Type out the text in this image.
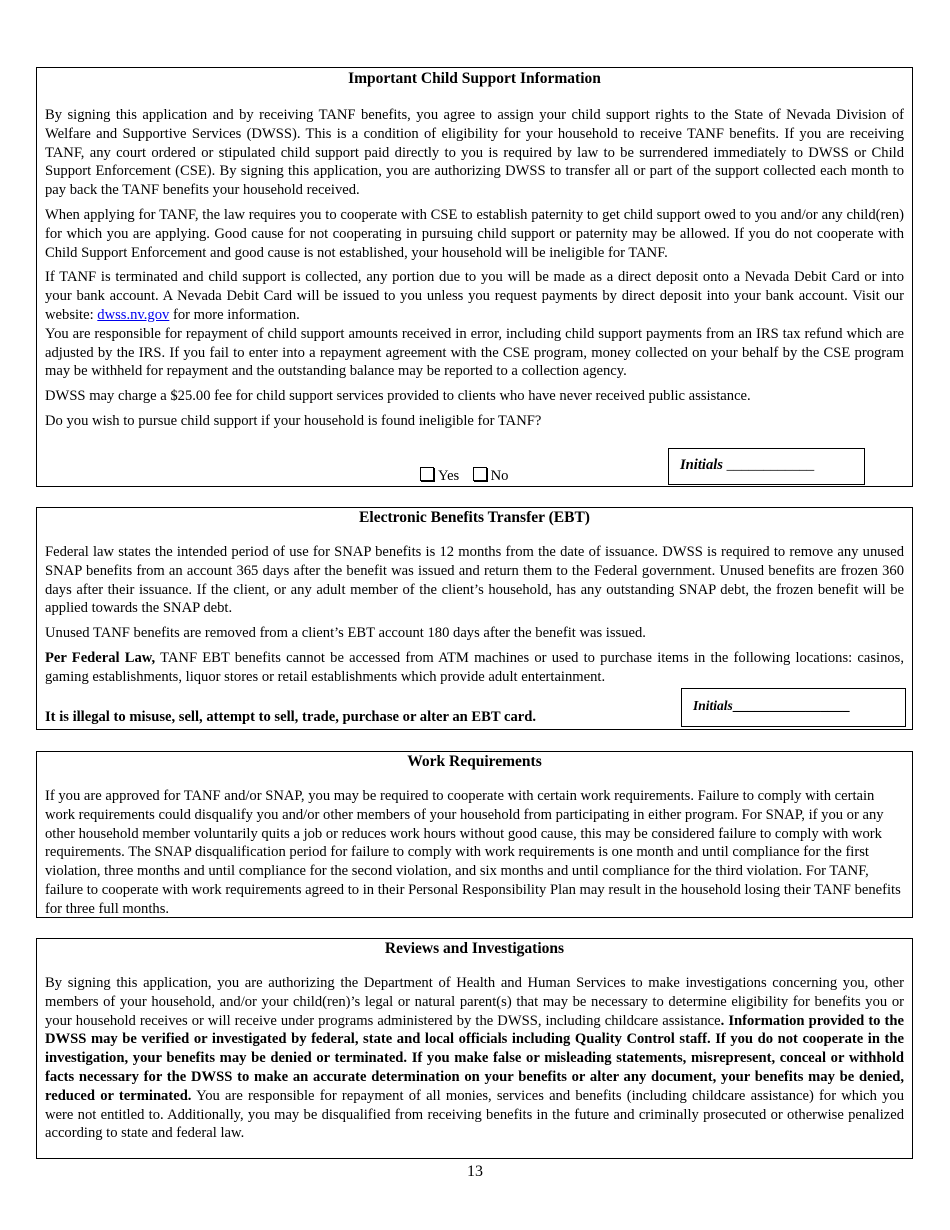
Important Child Support Information

By signing this application and by receiving TANF benefits, you agree to assign your child support rights to the State of Nevada Division of Welfare and Supportive Services (DWSS). This is a condition of eligibility for your household to receive TANF benefits. If you are receiving TANF, any court ordered or stipulated child support paid directly to you is required by law to be surrendered immediately to DWSS or Child Support Enforcement (CSE). By signing this application, you are authorizing DWSS to transfer all or part of the support collected each month to pay back the TANF benefits your household received.

When applying for TANF, the law requires you to cooperate with CSE to establish paternity to get child support owed to you and/or any child(ren) for which you are applying. Good cause for not cooperating in pursuing child support or paternity may be allowed. If you do not cooperate with Child Support Enforcement and good cause is not established, your household will be ineligible for TANF.

If TANF is terminated and child support is collected, any portion due to you will be made as a direct deposit onto a Nevada Debit Card or into your bank account. A Nevada Debit Card will be issued to you unless you request payments by direct deposit into your bank account. Visit our website: dwss.nv.gov for more information.

You are responsible for repayment of child support amounts received in error, including child support payments from an IRS tax refund which are adjusted by the IRS. If you fail to enter into a repayment agreement with the CSE program, money collected on your behalf by the CSE program may be withheld for repayment and the outstanding balance may be reported to a collection agency.

DWSS may charge a $25.00 fee for child support services provided to clients who have never received public assistance.

Do you wish to pursue child support if your household is found ineligible for TANF?

Yes No
Initials ____________
Electronic Benefits Transfer (EBT)

Federal law states the intended period of use for SNAP benefits is 12 months from the date of issuance. DWSS is required to remove any unused SNAP benefits from an account 365 days after the benefit was issued and return them to the Federal government. Unused benefits are frozen 360 days after their issuance. If the client, or any adult member of the client’s household, has any outstanding SNAP debt, the frozen benefit will be applied towards the SNAP debt.

Unused TANF benefits are removed from a client’s EBT account 180 days after the benefit was issued.

Per Federal Law, TANF EBT benefits cannot be accessed from ATM machines or used to purchase items in the following locations: casinos, gaming establishments, liquor stores or retail establishments which provide adult entertainment.

It is illegal to misuse, sell, attempt to sell, trade, purchase or alter an EBT card.

Initials________________
Work Requirements

If you are approved for TANF and/or SNAP, you may be required to cooperate with certain work requirements. Failure to comply with certain work requirements could disqualify you and/or other members of your household from participating in either program. For SNAP, if you or any other household member voluntarily quits a job or reduces work hours without good cause, this may be considered failure to comply with work requirements. The SNAP disqualification period for failure to comply with work requirements is one month and until compliance for the first violation, three months and until compliance for the second violation, and six months and until compliance for the third violation. For TANF, failure to cooperate with work requirements agreed to in their Personal Responsibility Plan may result in the household losing their TANF benefits for three full months.

Reviews and Investigations

By signing this application, you are authorizing the Department of Health and Human Services to make investigations concerning you, other members of your household, and/or your child(ren)’s legal or natural parent(s) that may be necessary to determine eligibility for benefits you or your household receives or will receive under programs administered by the DWSS, including childcare assistance. Information provided to the DWSS may be verified or investigated by federal, state and local officials including Quality Control staff. If you do not cooperate in the investigation, your benefits may be denied or terminated. If you make false or misleading statements, misrepresent, conceal or withhold facts necessary for the DWSS to make an accurate determination on your benefits or alter any document, your benefits may be denied, reduced or terminated. You are responsible for repayment of all monies, services and benefits (including childcare assistance) for which you were not entitled to. Additionally, you may be disqualified from receiving benefits in the future and criminally prosecuted or otherwise penalized according to state and federal law.

13
